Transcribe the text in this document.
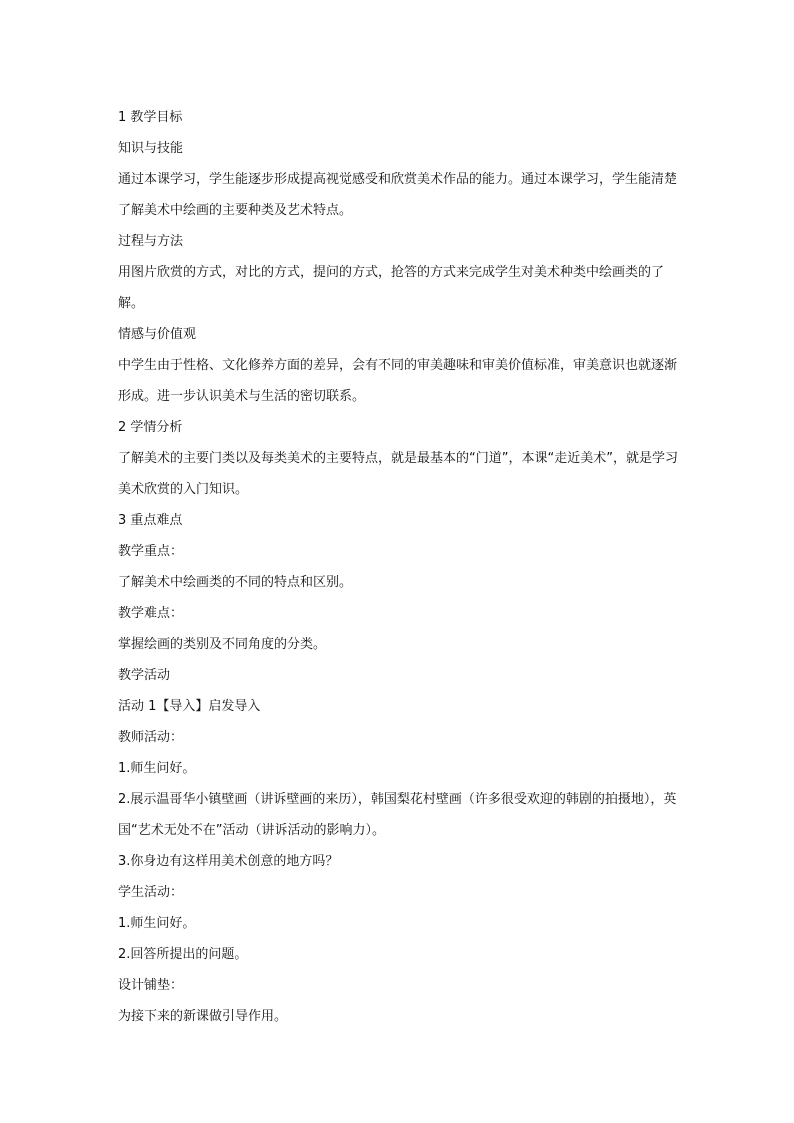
1 教学目标

知识与技能

通过本课学习，学生能逐步形成提高视觉感受和欣赏美术作品的能力。通过本课学习，学生能清楚了解美术中绘画的主要种类及艺术特点。

过程与方法

用图片欣赏的方式，对比的方式，提问的方式，抢答的方式来完成学生对美术种类中绘画类的了解。

情感与价值观

中学生由于性格、文化修养方面的差异，会有不同的审美趣味和审美价值标准，审美意识也就逐渐形成。进一步认识美术与生活的密切联系。

2 学情分析

了解美术的主要门类以及每类美术的主要特点，就是最基本的“门道”，本课“走近美术”，就是学习美术欣赏的入门知识。

3 重点难点

教学重点：

了解美术中绘画类的不同的特点和区别。

教学难点：

掌握绘画的类别及不同角度的分类。

教学活动

活动 1【导入】启发导入

教师活动：

1.师生问好。

2.展示温哥华小镇壁画（讲诉壁画的来历），韩国梨花村壁画（许多很受欢迎的韩剧的拍摄地），英国“艺术无处不在”活动（讲诉活动的影响力）。

3.你身边有这样用美术创意的地方吗？

学生活动：

1.师生问好。

2.回答所提出的问题。

设计铺垫：

为接下来的新课做引导作用。
